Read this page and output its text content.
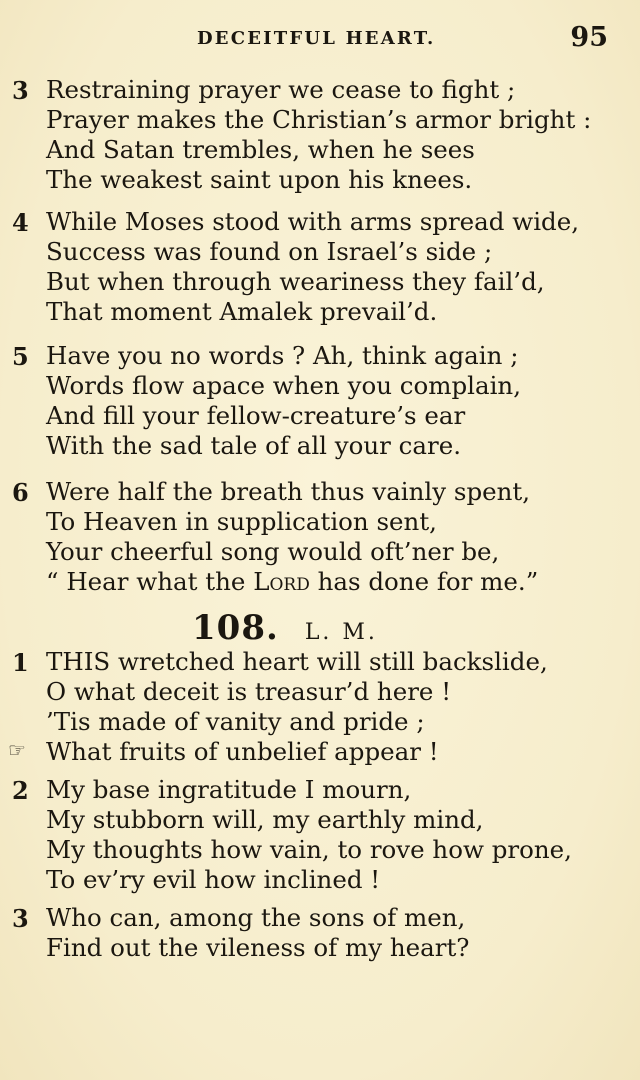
DECEITFUL HEART.	95
3 Restraining prayer we cease to fight ;
Prayer makes the Christian’s armor bright :
And Satan trembles, when he sees
The weakest saint upon his knees.
4 While Moses stood with arms spread wide,
Success was found on Israel’s side ;
But when through weariness they fail’d,
That moment Amalek prevail’d.
5 Have you no words ? Ah, think again ;
Words flow apace when you complain,
And fill your fellow-creature’s ear
With the sad tale of all your care.
6 Were half the breath thus vainly spent,
To Heaven in supplication sent,
Your cheerful song would oft’ner be,
“ Hear what the Lord has done for me.”
108. L. M.
1 THIS wretched heart will still backslide,
O what deceit is treasur’d here !
’Tis made of vanity and pride ;
What fruits of unbelief appear !
☞
2 My base ingratitude I mourn,
My stubborn will, my earthly mind,
My thoughts how vain, to rove how prone,
To ev’ry evil how inclined !
3 Who can, among the sons of men,
Find out the vileness of my heart?
